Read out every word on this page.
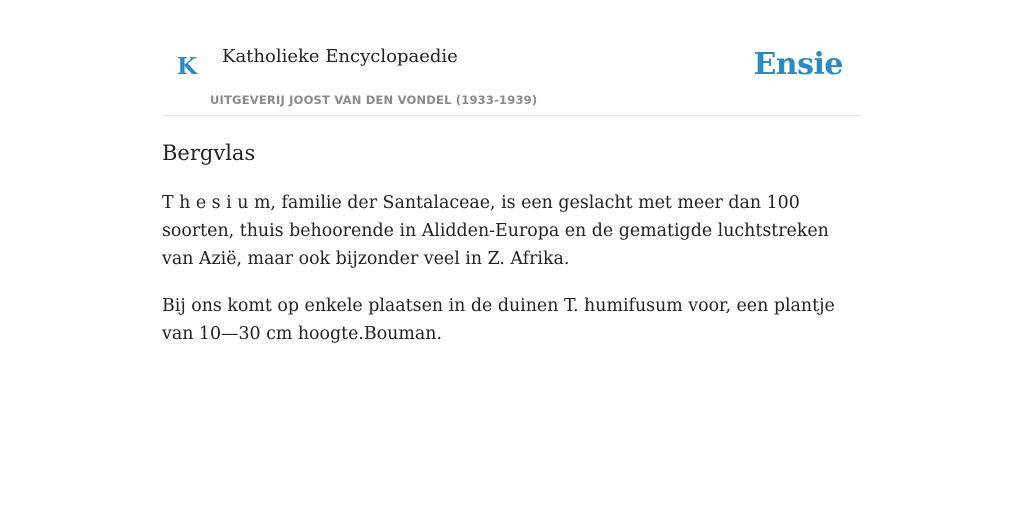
K Katholieke Encyclopaedie
UITGEVERIJ JOOST VAN DEN VONDEL (1933-1939)
Ensie
Bergvlas

T h e s i u m, familie der Santalaceae, is een geslacht met meer dan 100 soorten, thuis behoorende in Alidden-Europa en de gematigde luchtstreken van Azië, maar ook bijzonder veel in Z. Afrika.

Bij ons komt op enkele plaatsen in de duinen T. humifusum voor, een plantje van 10—30 cm hoogte.Bouman.
